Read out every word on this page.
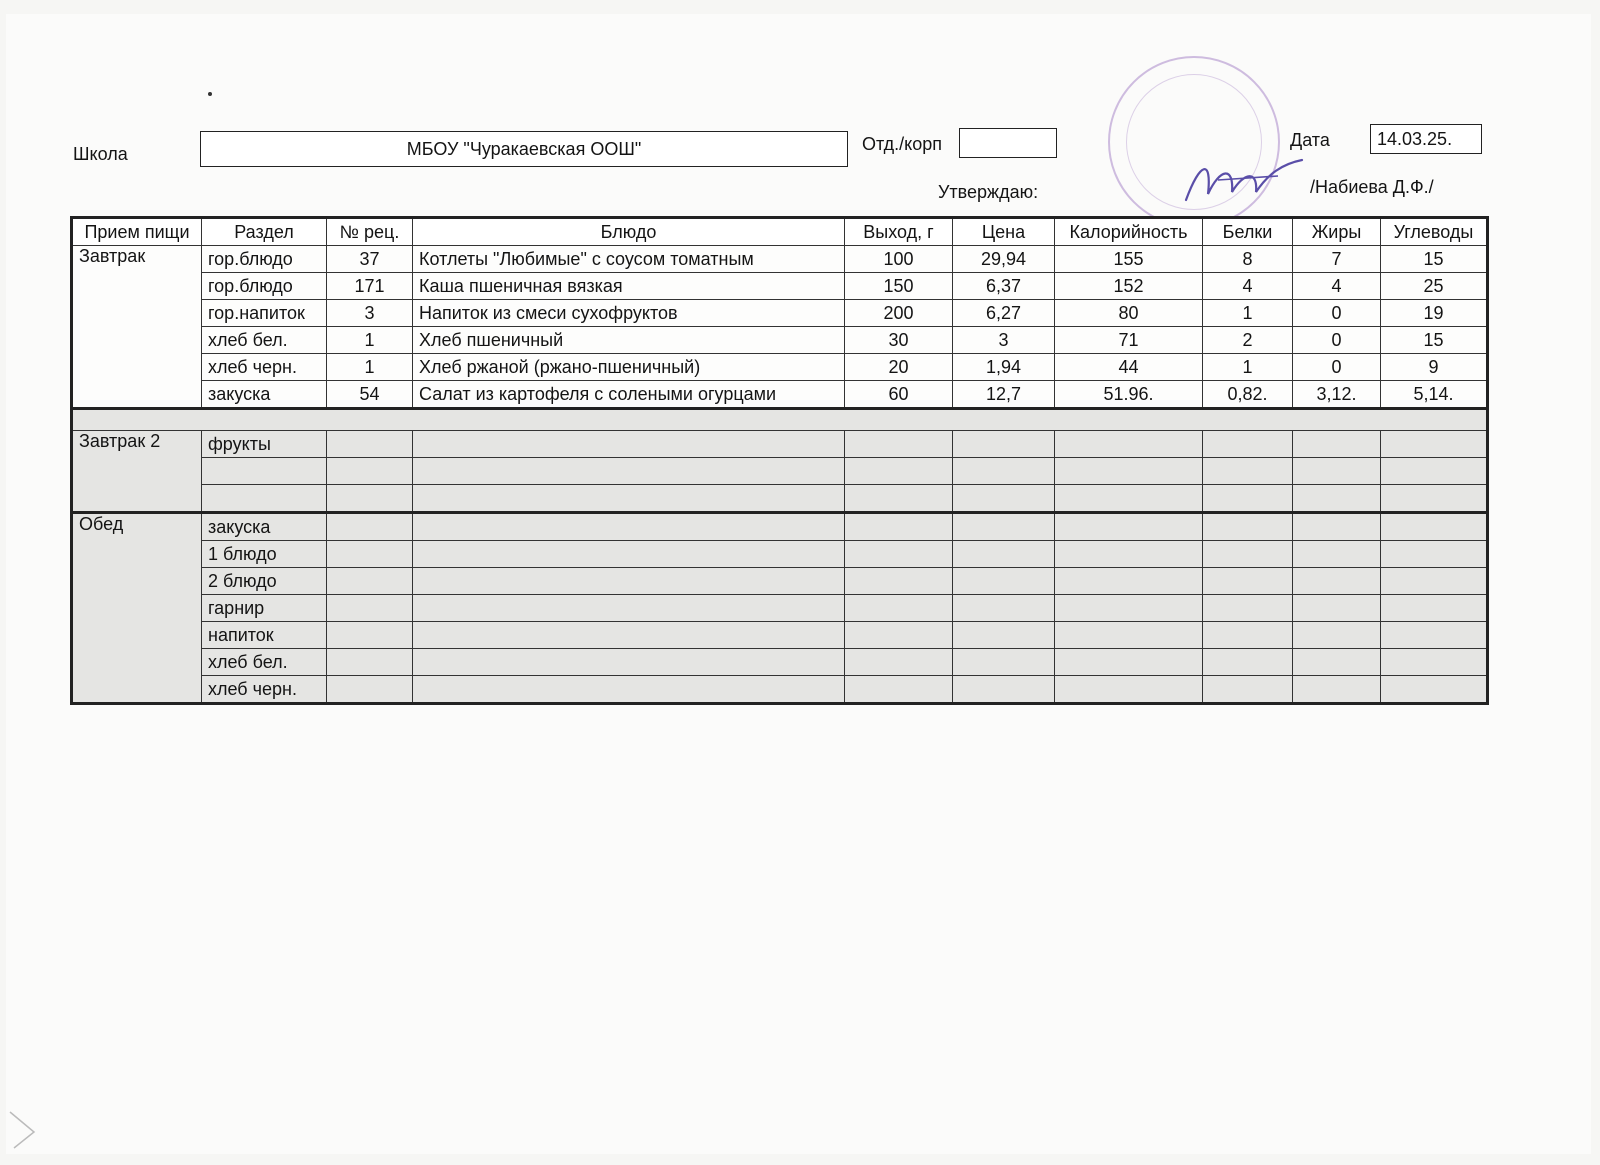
Школа	МБОУ "Чуракаевская ООШ"	Отд./корп	Дата	14.03.25.
Утверждаю:	/Набиева Д.Ф./
Прием пищи	Раздел	№ рец.	Блюдо	Выход, г	Цена	Калорийность	Белки	Жиры	Углеводы
Завтрак	гор.блюдо	37	Котлеты "Любимые" с соусом томатным	100	29,94	155	8	7	15
	гор.блюдо	171	Каша пшеничная вязкая	150	6,37	152	4	4	25
	гор.напиток	3	Напиток из смеси сухофруктов	200	6,27	80	1	0	19
	хлеб бел.	1	Хлеб пшеничный	30	3	71	2	0	15
	хлеб черн.	1	Хлеб ржаной (ржано-пшеничный)	20	1,94	44	1	0	9
	закуска	54	Салат из картофеля с солеными огурцами	60	12,7	51.96.	0,82.	3,12.	5,14.

Завтрак 2	фрукты								

Обед	закуска								
	1 блюдо								
	2 блюдо								
	гарнир								
	напиток								
	хлеб бел.								
	хлеб черн.								
